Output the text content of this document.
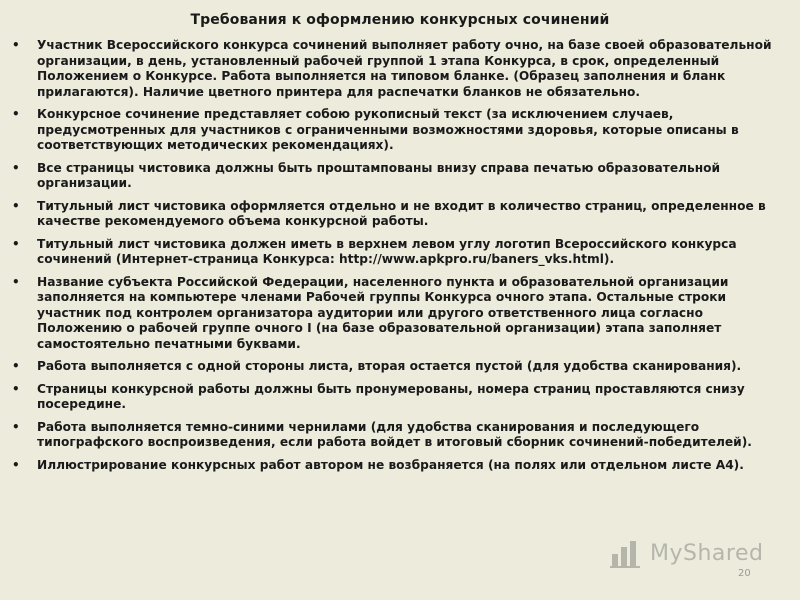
Требования к оформлению конкурсных сочинений
• Участник Всероссийского конкурса сочинений выполняет работу очно, на базе своей образовательной организации, в день, установленный рабочей группой 1 этапа Конкурса, в срок, определенный Положением о Конкурсе. Работа выполняется на типовом бланке. (Образец заполнения и бланк прилагаются). Наличие цветного принтера для распечатки бланков не обязательно.
• Конкурсное сочинение представляет собою рукописный текст (за исключением случаев, предусмотренных для участников с ограниченными возможностями здоровья, которые описаны в соответствующих методических рекомендациях).
• Все страницы чистовика должны быть проштампованы внизу справа печатью образовательной организации.
• Титульный лист чистовика оформляется отдельно и не входит в количество страниц, определенное в качестве рекомендуемого объема конкурсной работы.
• Титульный лист чистовика должен иметь в верхнем левом углу логотип Всероссийского конкурса сочинений (Интернет-страница Конкурса: http://www.apkpro.ru/baners_vks.html).
• Название субъекта Российской Федерации, населенного пункта и образовательной организации заполняется на компьютере членами Рабочей группы Конкурса очного этапа. Остальные строки участник под контролем организатора аудитории или другого ответственного лица согласно Положению о рабочей группе очного I (на базе образовательной организации) этапа заполняет самостоятельно печатными буквами.
• Работа выполняется с одной стороны листа, вторая остается пустой (для удобства сканирования).
• Страницы конкурсной работы должны быть пронумерованы, номера страниц проставляются снизу посередине.
• Работа выполняется темно-синими чернилами (для удобства сканирования и последующего типографского воспроизведения, если работа войдет в итоговый сборник сочинений-победителей).
• Иллюстрирование конкурсных работ автором не возбраняется (на полях или отдельном листе А4).
MyShared
20
